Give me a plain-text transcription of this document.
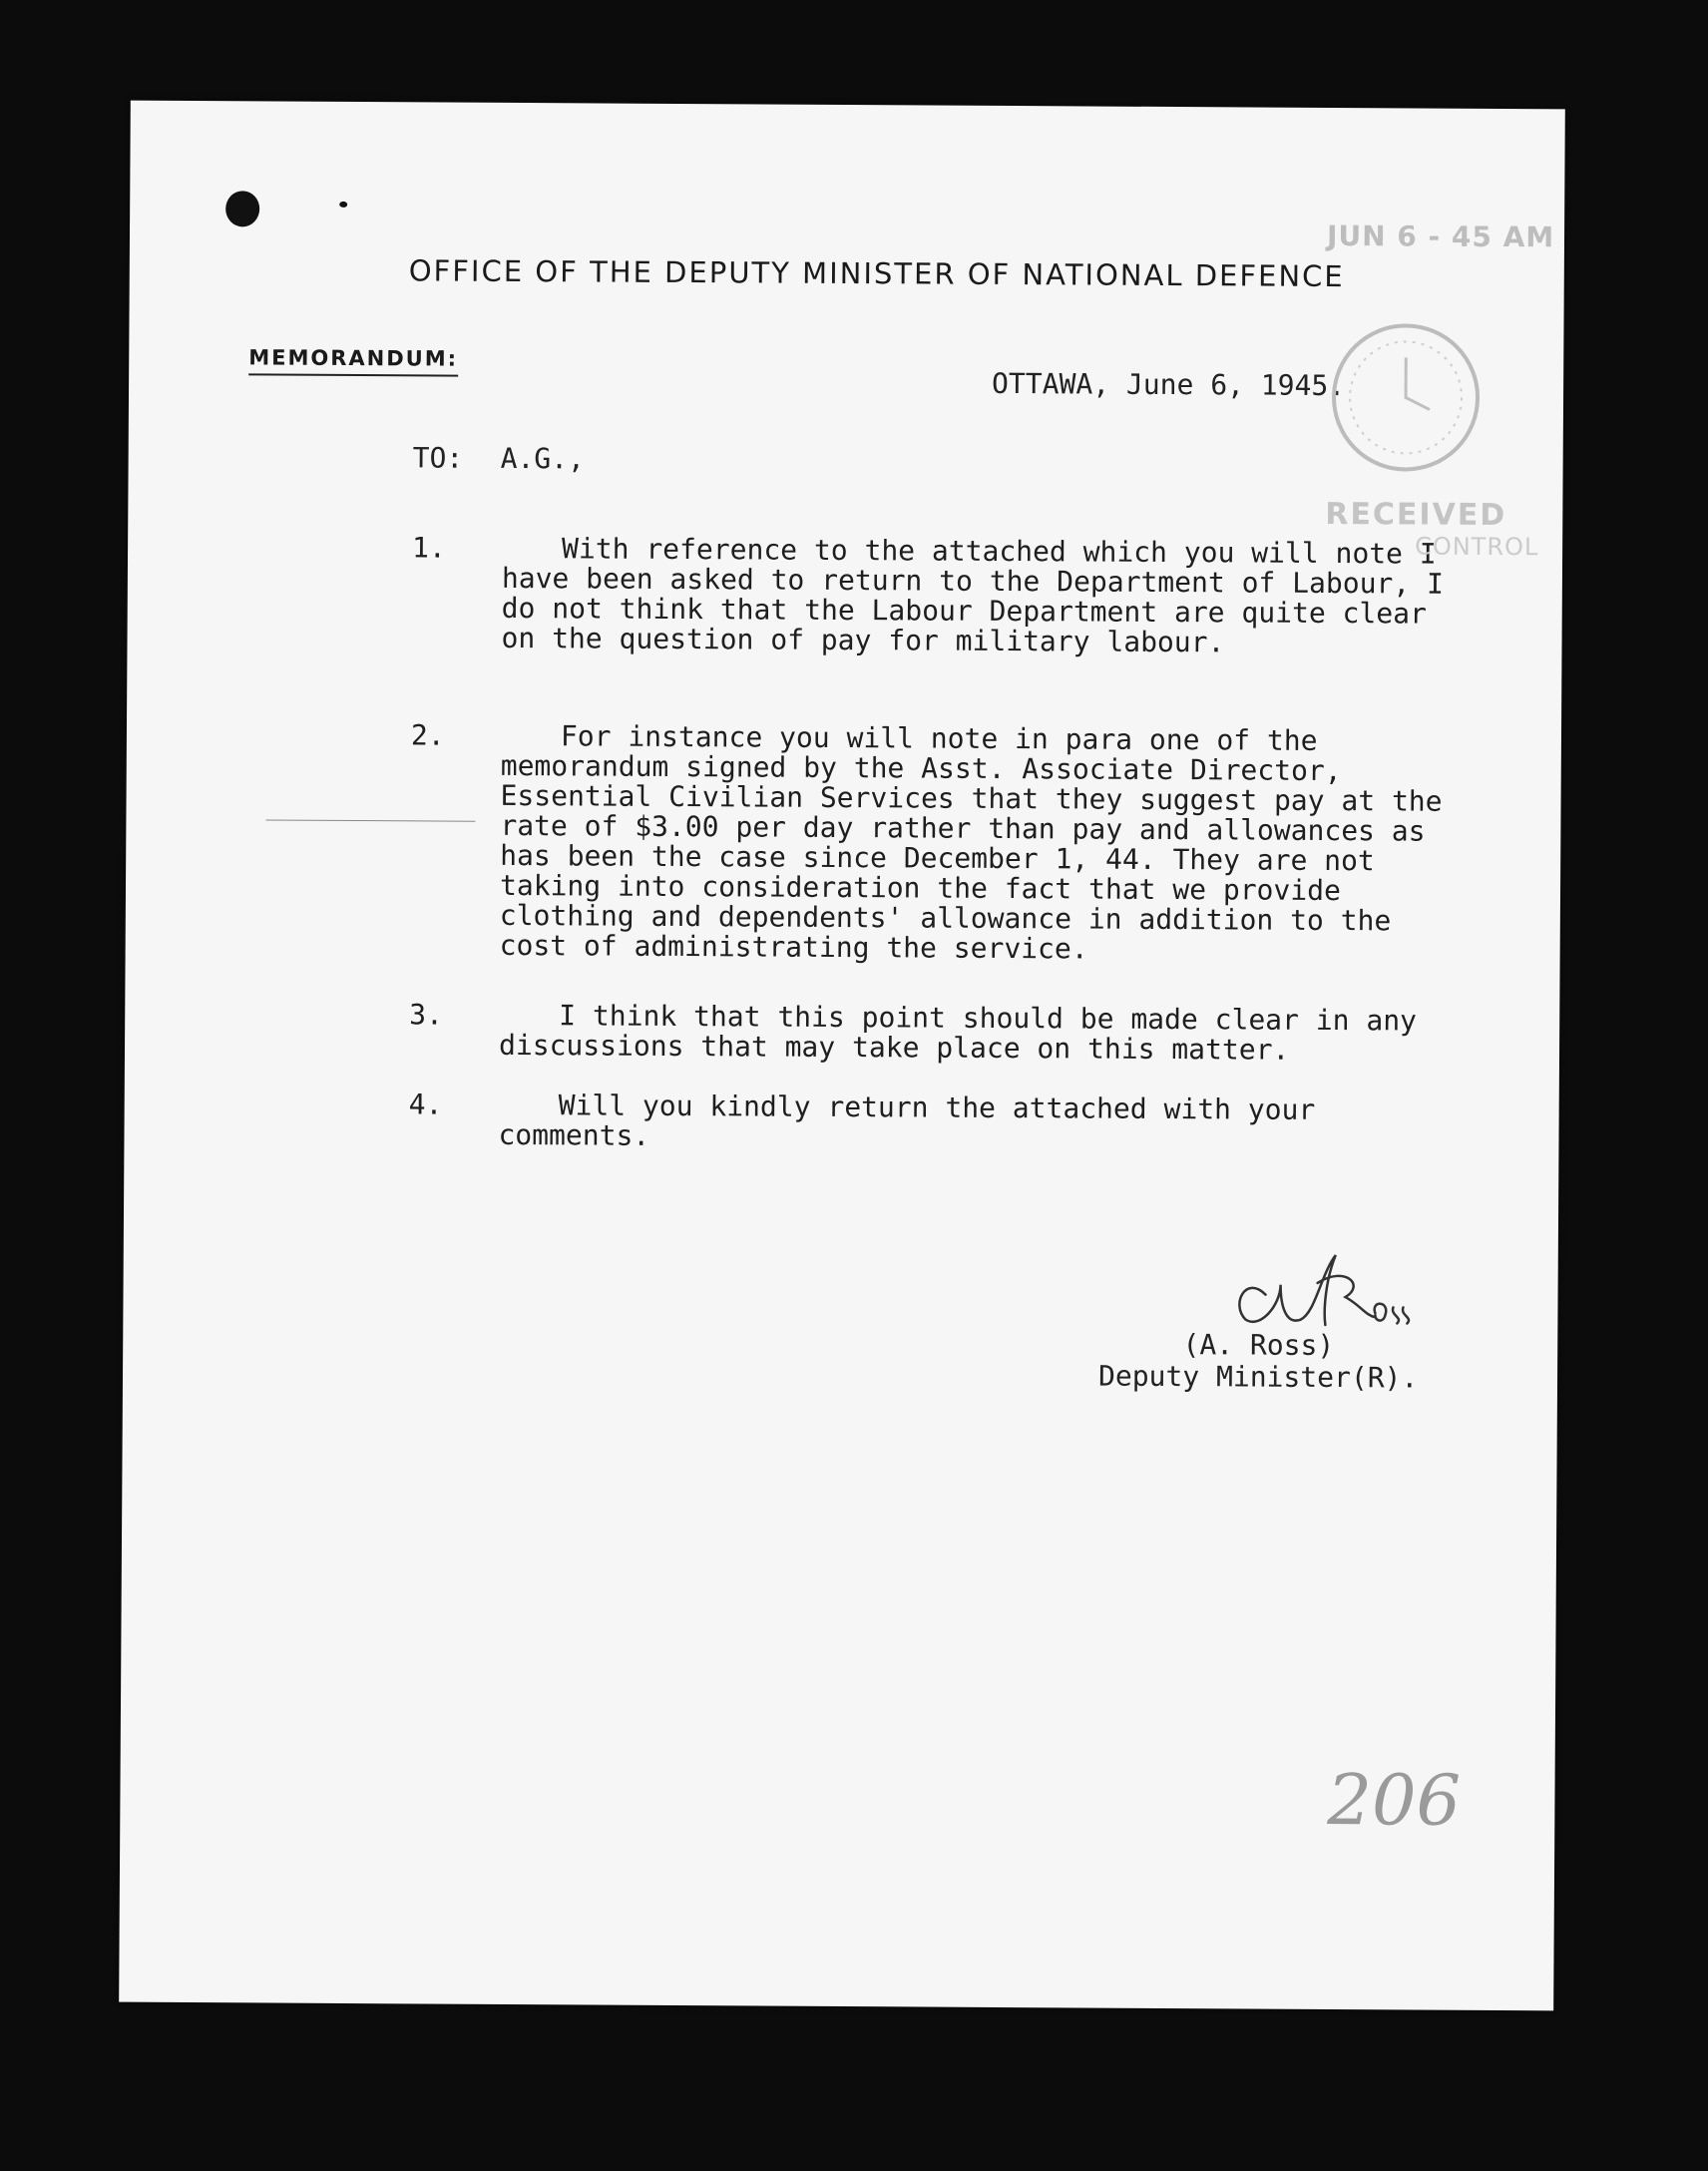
OFFICE OF THE DEPUTY MINISTER OF NATIONAL DEFENCE
MEMORANDUM:
OTTAWA, June 6, 1945.
TO: A.G.,
1.	With reference to the attached which you will note I have been asked to return to the Department of Labour, I do not think that the Labour Department are quite clear on the question of pay for military labour.
2.	For instance you will note in para one of the memorandum signed by the Asst. Associate Director, Essential Civilian Services that they suggest pay at the rate of $3.00 per day rather than pay and allowances as has been the case since December 1, 44. They are not taking into consideration the fact that we provide clothing and dependents' allowance in addition to the cost of administrating the service.
3.	I think that this point should be made clear in any discussions that may take place on this matter.
4.	Will you kindly return the attached with your comments.
(A. Ross)
Deputy Minister(R).
JUN 6 - 45 AM
RECEIVED
CONTROL
206
